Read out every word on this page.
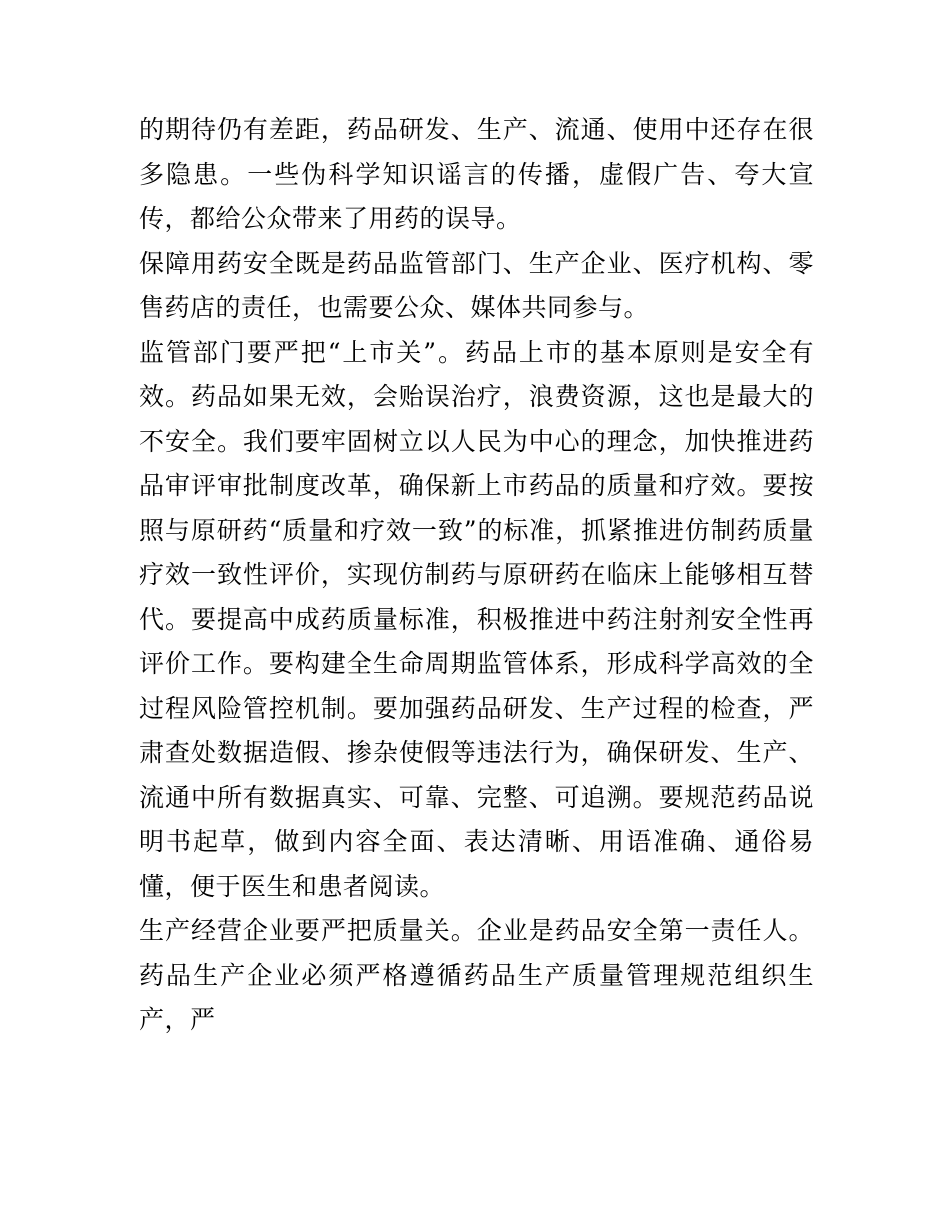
的期待仍有差距，药品研发、生产、流通、使用中还存在很多隐患。一些伪科学知识谣言的传播，虚假广告、夸大宣传，都给公众带来了用药的误导。

保障用药安全既是药品监管部门、生产企业、医疗机构、零售药店的责任，也需要公众、媒体共同参与。

监管部门要严把“上市关”。药品上市的基本原则是安全有效。药品如果无效，会贻误治疗，浪费资源，这也是最大的不安全。我们要牢固树立以人民为中心的理念，加快推进药品审评审批制度改革，确保新上市药品的质量和疗效。要按照与原研药“质量和疗效一致”的标准，抓紧推进仿制药质量疗效一致性评价，实现仿制药与原研药在临床上能够相互替代。要提高中成药质量标准，积极推进中药注射剂安全性再评价工作。要构建全生命周期监管体系，形成科学高效的全过程风险管控机制。要加强药品研发、生产过程的检查，严肃查处数据造假、掺杂使假等违法行为，确保研发、生产、流通中所有数据真实、可靠、完整、可追溯。要规范药品说明书起草，做到内容全面、表达清晰、用语准确、通俗易懂，便于医生和患者阅读。

生产经营企业要严把质量关。企业是药品安全第一责任人。药品生产企业必须严格遵循药品生产质量管理规范组织生产，严
